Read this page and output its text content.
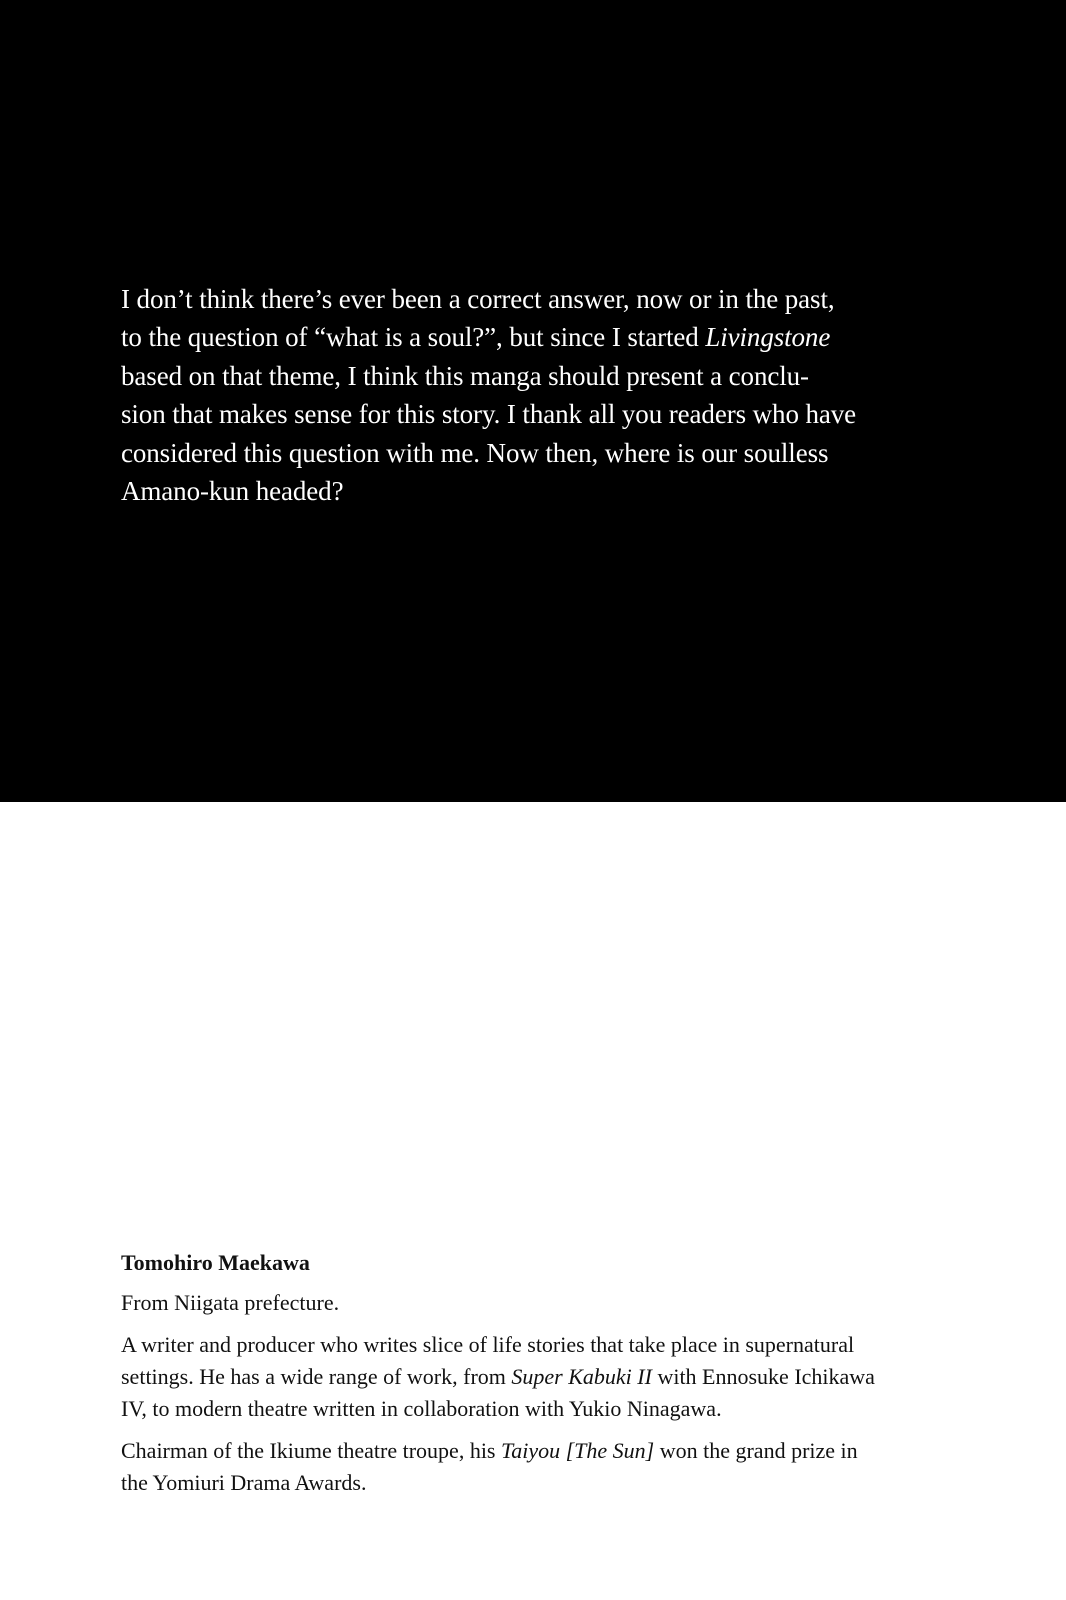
I don’t think there’s ever been a correct answer, now or in the past,
to the question of “what is a soul?”, but since I started Livingstone
based on that theme, I think this manga should present a conclu-
sion that makes sense for this story. I thank all you readers who have
considered this question with me. Now then, where is our soulless
Amano-kun headed?

Tomohiro Maekawa

From Niigata prefecture.

A writer and producer who writes slice of life stories that take place in supernatural
settings. He has a wide range of work, from Super Kabuki II with Ennosuke Ichikawa
IV, to modern theatre written in collaboration with Yukio Ninagawa.

Chairman of the Ikiume theatre troupe, his Taiyou [The Sun] won the grand prize in
the Yomiuri Drama Awards.
